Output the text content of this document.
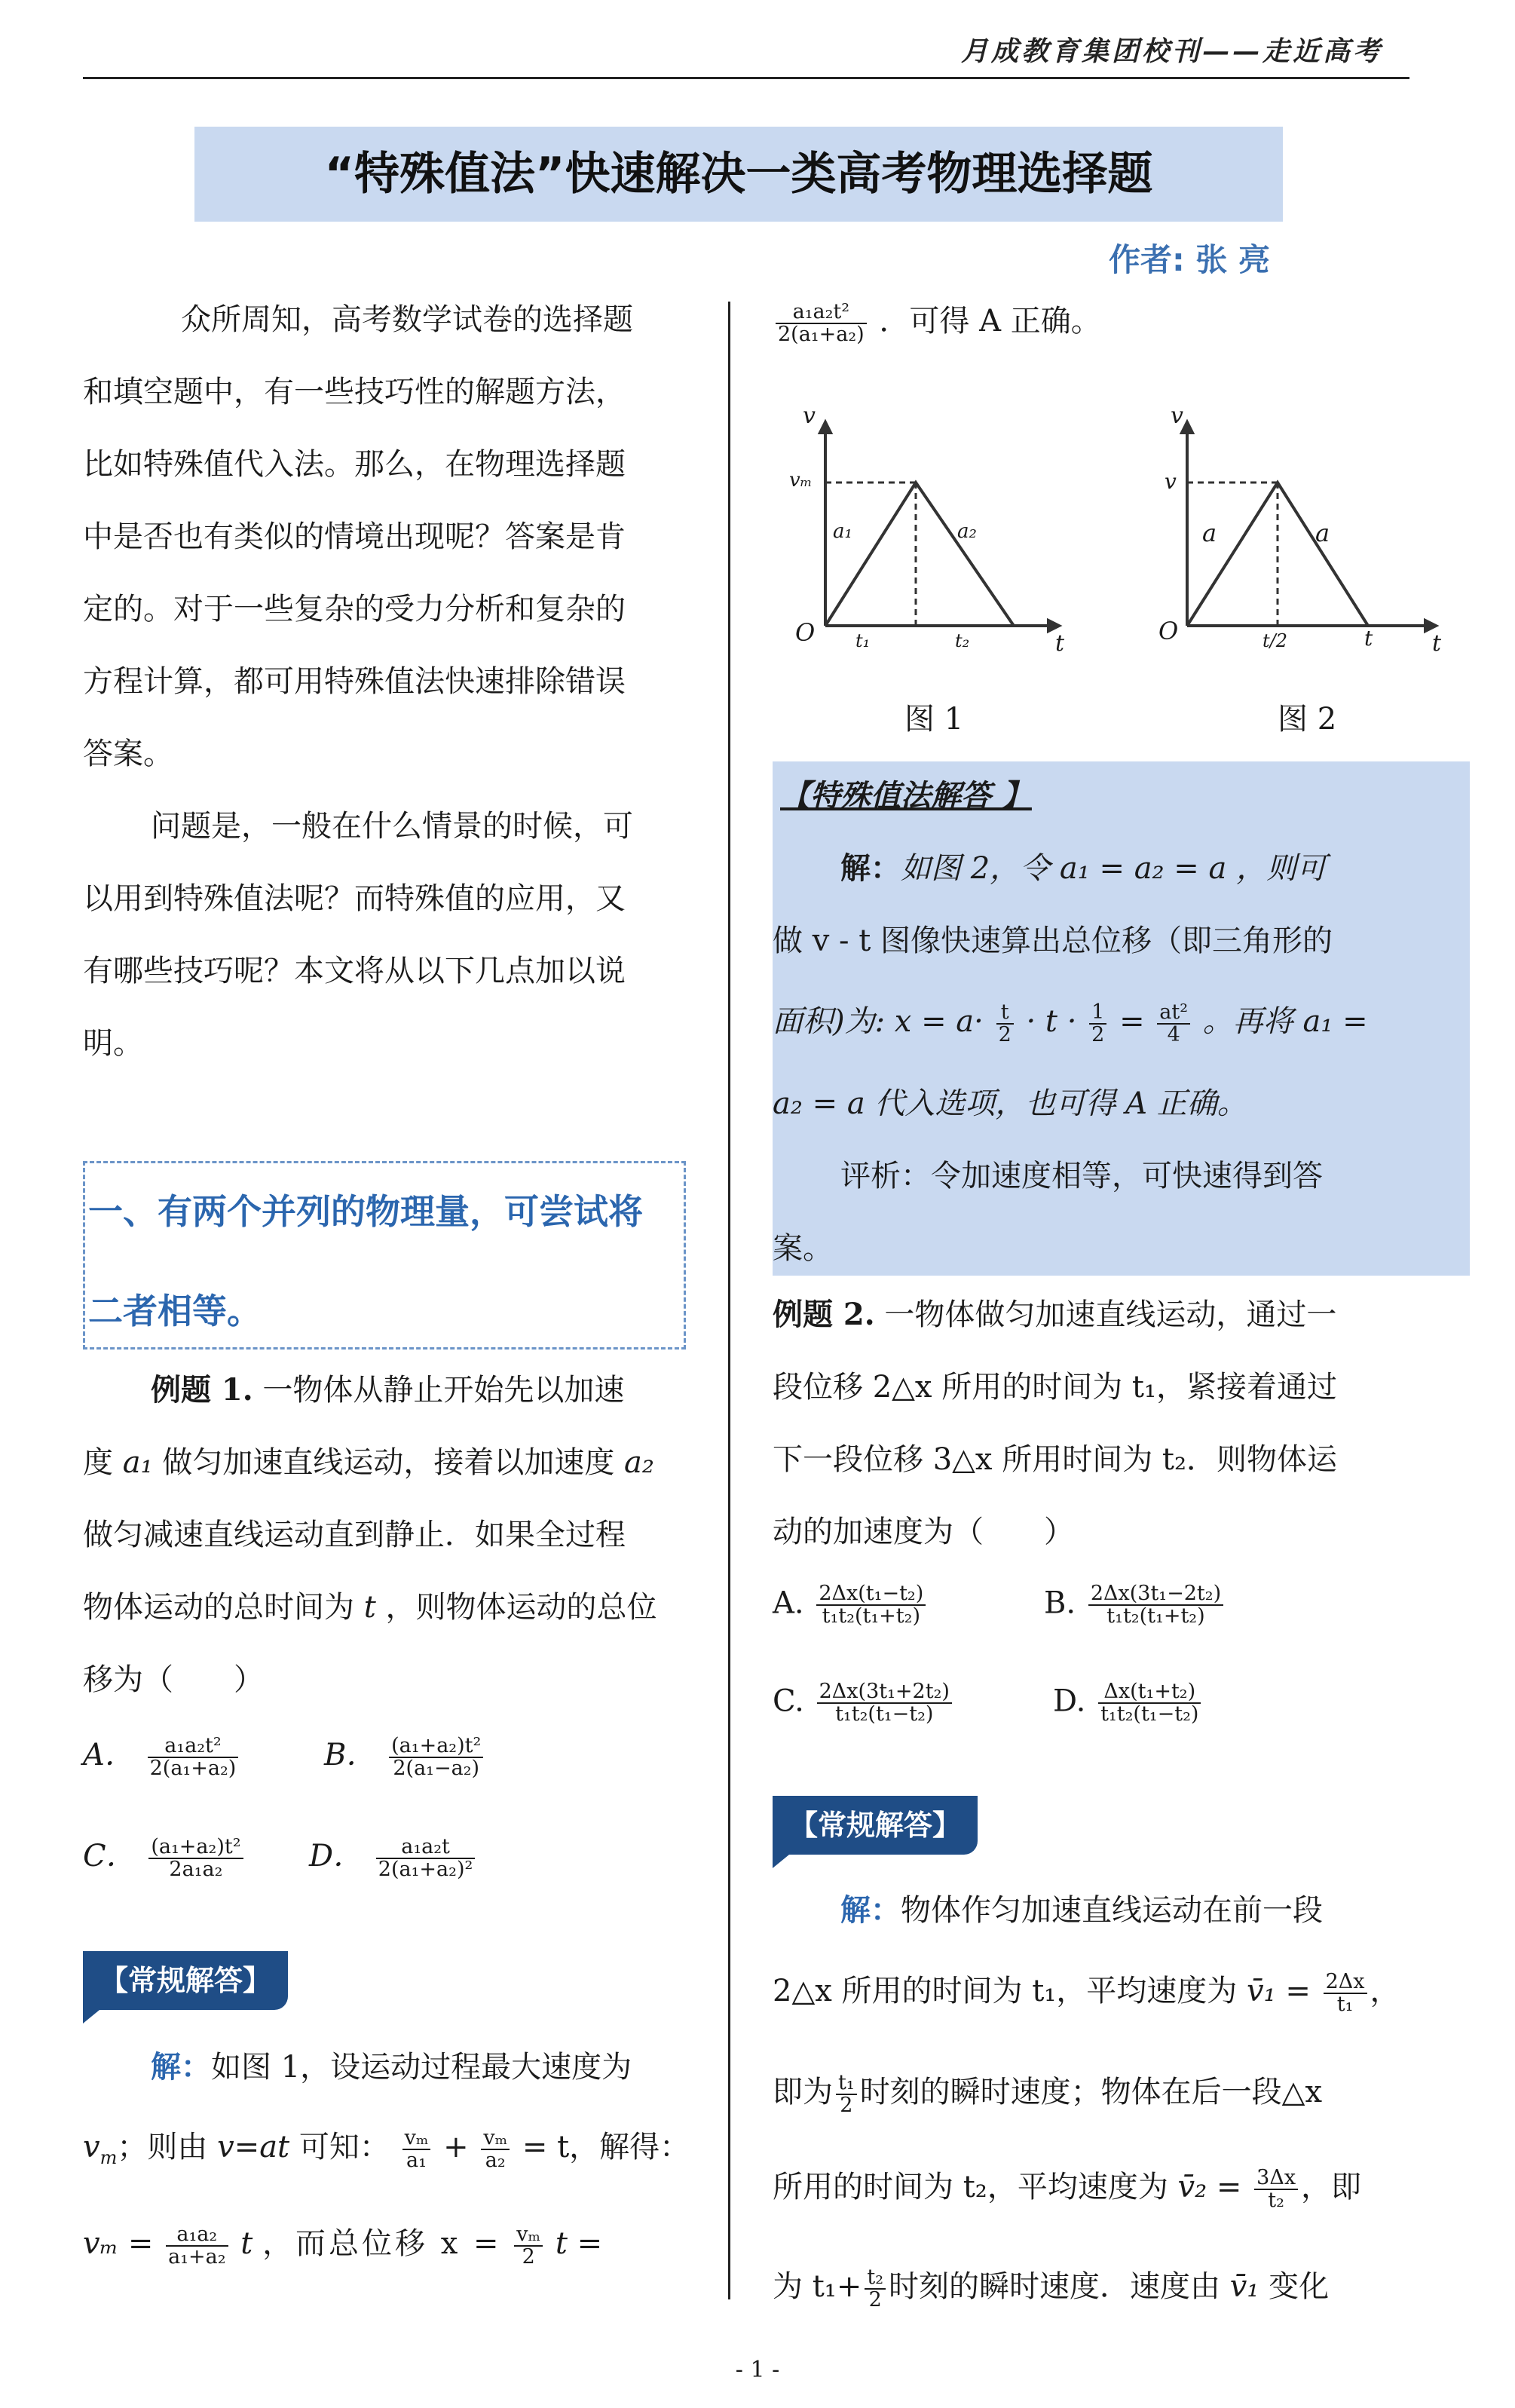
月成教育集团校刊——走近高考
“特殊值法”快速解决一类高考物理选择题
作者: 张 亮
众所周知，高考数学试卷的选择题
和填空题中，有一些技巧性的解题方法，
比如特殊值代入法。那么，在物理选择题
中是否也有类似的情境出现呢？答案是肯
定的。对于一些复杂的受力分析和复杂的
方程计算，都可用特殊值法快速排除错误
答案。
问题是，一般在什么情景的时候，可
以用到特殊值法呢？而特殊值的应用，又
有哪些技巧呢？本文将从以下几点加以说
明。
一、有两个并列的物理量，可尝试将
二者相等。
例题 1. 一物体从静止开始先以加速
度 a₁ 做匀加速直线运动，接着以加速度 a₂
做匀减速直线运动直到静止．如果全过程
物体运动的总时间为 t ，则物体运动的总位
移为（　　）
A． $\frac{\text{a₁a₂t²}}{\text{2(a₁+a₂)}}$	B． $\frac{\text{(a₁+a₂)t²}}{\text{2(a₁−a₂)}}$
C． $\frac{\text{(a₁+a₂)t²}}{\text{2a₁a₂}}$ D． $\frac{\text{a₁a₂t}}{\text{2(a₁+a₂)²}}$
【常规解答】
解：如图 1，设运动过程最大速度为
$v_m$；则由 v=at 可知： $\frac{\text{vₘ}}{\text{a₁}} + \frac{\text{vₘ}}{\text{a₂}} = t$，解得：
$v_m = \frac{\text{a₁a₂}}{\text{a₁+a₂}}$ t ，而总位移 $x = \frac{\text{vₘ}}{2}$ t =
$\frac{\text{a₁a₂t²}}{\text{2(a₁+a₂)}}$ ．可得 A 正确。
v
vₘ
a₁	a₂
O t₁	t₂	t
图 1
v
v
a	a
O	t/2	t	t
图 2
【特殊值法解答 】
解：如图 2，令 a₁ = a₂ = a ，则可
做 v - t 图像快速算出总位移（即三角形的
面积)为: $x = a\cdot \frac{t}{2} \cdot t \cdot \frac{1}{2} = \frac{\text{at²}}{4}$ 。再将 a₁ =
a₂ = a 代入选项，也可得 A 正确。
评析：令加速度相等，可快速得到答
案。
例题 2. 一物体做匀加速直线运动，通过一
段位移 2△x 所用的时间为 t₁，紧接着通过
下一段位移 3△x 所用时间为 t₂．则物体运
动的加速度为（　　）
A. $\frac{\text{2Δx(t₁−t₂)}}{\text{t₁t₂(t₁+t₂)}}$	B. $\frac{\text{2Δx(3t₁−2t₂)}}{\text{t₁t₂(t₁+t₂)}}$
C. $\frac{\text{2Δx(3t₁+2t₂)}}{\text{t₁t₂(t₁−t₂)}}$	D. $\frac{\text{Δx(t₁+t₂)}}{\text{t₁t₂(t₁−t₂)}}$
【常规解答】
解：物体作匀加速直线运动在前一段
2△x 所用的时间为 t₁，平均速度为 v̄₁ = $\frac{2\Delta x}{\text{t₁}}$ ，
即为 $\frac{\text{t₁}}{2}$ 时刻的瞬时速度；物体在后一段△x
所用的时间为 t₂，平均速度为 v̄₂ = $\frac{3\Delta x}{\text{t₂}}$ ，即
为 $t_1+ \frac{\text{t₂}}{2}$ 时刻的瞬时速度．速度由 v̄₁ 变化
- 1 -
